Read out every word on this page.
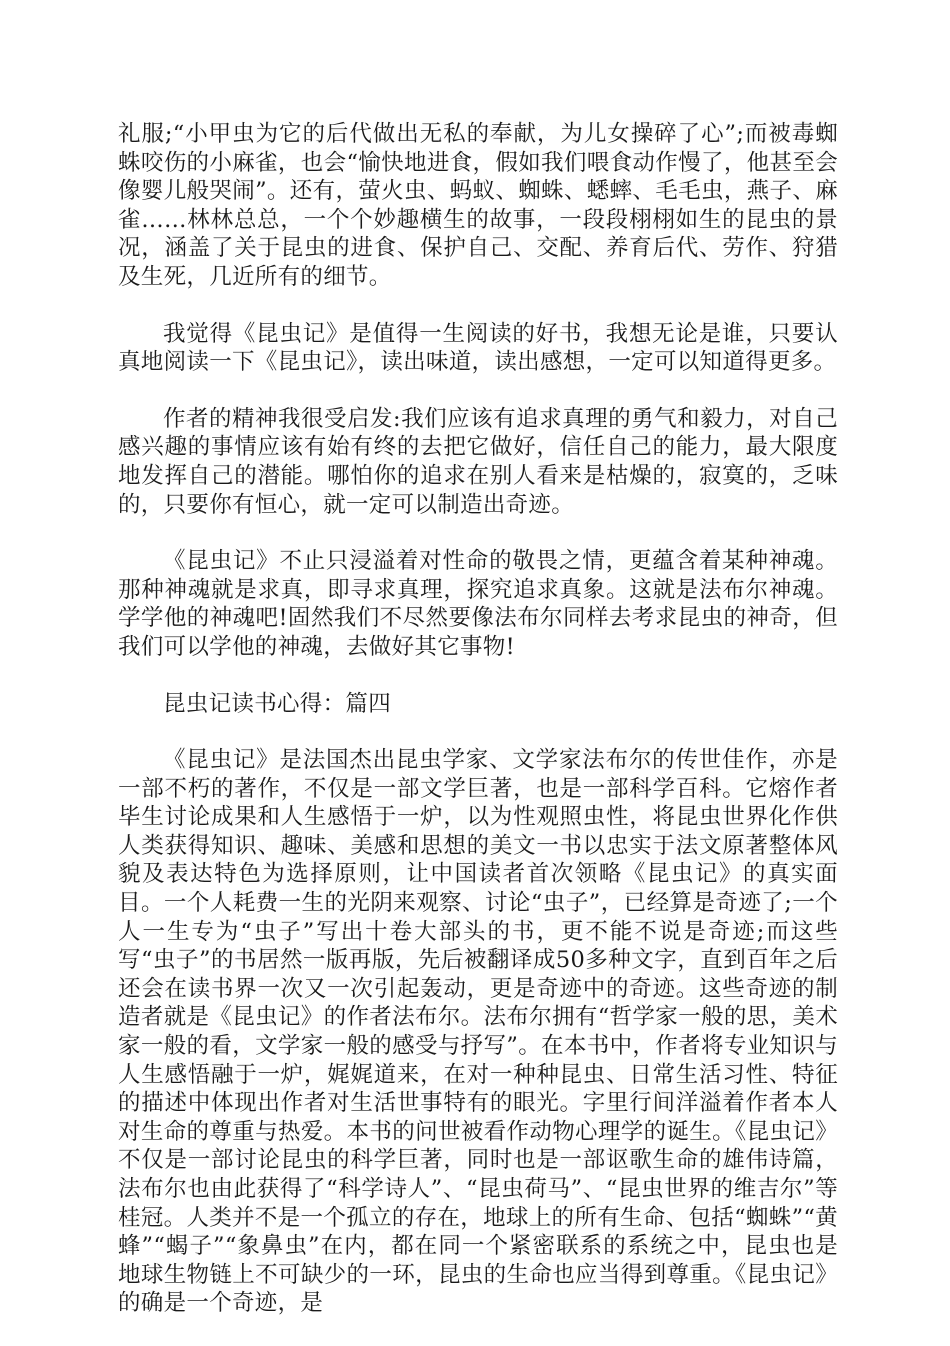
礼服;“小甲虫为它的后代做出无私的奉献，为儿女操碎了心”;而被毒蜘蛛咬伤的小麻雀，也会“愉快地进食，假如我们喂食动作慢了，他甚至会像婴儿般哭闹”。还有，萤火虫、蚂蚁、蜘蛛、蟋蟀、毛毛虫，燕子、麻雀……林林总总，一个个妙趣横生的故事，一段段栩栩如生的昆虫的景况，涵盖了关于昆虫的进食、保护自己、交配、养育后代、劳作、狩猎及生死，几近所有的细节。

我觉得《昆虫记》是值得一生阅读的好书，我想无论是谁，只要认真地阅读一下《昆虫记》，读出味道，读出感想，一定可以知道得更多。

作者的精神我很受启发:我们应该有追求真理的勇气和毅力，对自己感兴趣的事情应该有始有终的去把它做好，信任自己的能力，最大限度地发挥自己的潜能。哪怕你的追求在别人看来是枯燥的，寂寞的，乏味的，只要你有恒心，就一定可以制造出奇迹。

《昆虫记》不止只浸溢着对性命的敬畏之情，更蕴含着某种神魂。那种神魂就是求真，即寻求真理，探究追求真象。这就是法布尔神魂。学学他的神魂吧!固然我们不尽然要像法布尔同样去考求昆虫的神奇，但我们可以学他的神魂，去做好其它事物!

昆虫记读书心得：篇四

《昆虫记》是法国杰出昆虫学家、文学家法布尔的传世佳作，亦是一部不朽的著作，不仅是一部文学巨著，也是一部科学百科。它熔作者毕生讨论成果和人生感悟于一炉，以为性观照虫性，将昆虫世界化作供人类获得知识、趣味、美感和思想的美文一书以忠实于法文原著整体风貌及表达特色为选择原则，让中国读者首次领略《昆虫记》的真实面目。一个人耗费一生的光阴来观察、讨论“虫子”，已经算是奇迹了;一个人一生专为“虫子”写出十卷大部头的书，更不能不说是奇迹;而这些写“虫子”的书居然一版再版，先后被翻译成50多种文字，直到百年之后还会在读书界一次又一次引起轰动，更是奇迹中的奇迹。这些奇迹的制造者就是《昆虫记》的作者法布尔。法布尔拥有“哲学家一般的思，美术家一般的看，文学家一般的感受与抒写”。在本书中，作者将专业知识与人生感悟融于一炉，娓娓道来，在对一种种昆虫、日常生活习性、特征的描述中体现出作者对生活世事特有的眼光。字里行间洋溢着作者本人对生命的尊重与热爱。本书的问世被看作动物心理学的诞生。《昆虫记》不仅是一部讨论昆虫的科学巨著，同时也是一部讴歌生命的雄伟诗篇，法布尔也由此获得了“科学诗人”、“昆虫荷马”、“昆虫世界的维吉尔”等桂冠。人类并不是一个孤立的存在，地球上的所有生命、包括“蜘蛛”“黄蜂”“蝎子”“象鼻虫”在内，都在同一个紧密联系的系统之中，昆虫也是地球生物链上不可缺少的一环，昆虫的生命也应当得到尊重。《昆虫记》的确是一个奇迹，是
